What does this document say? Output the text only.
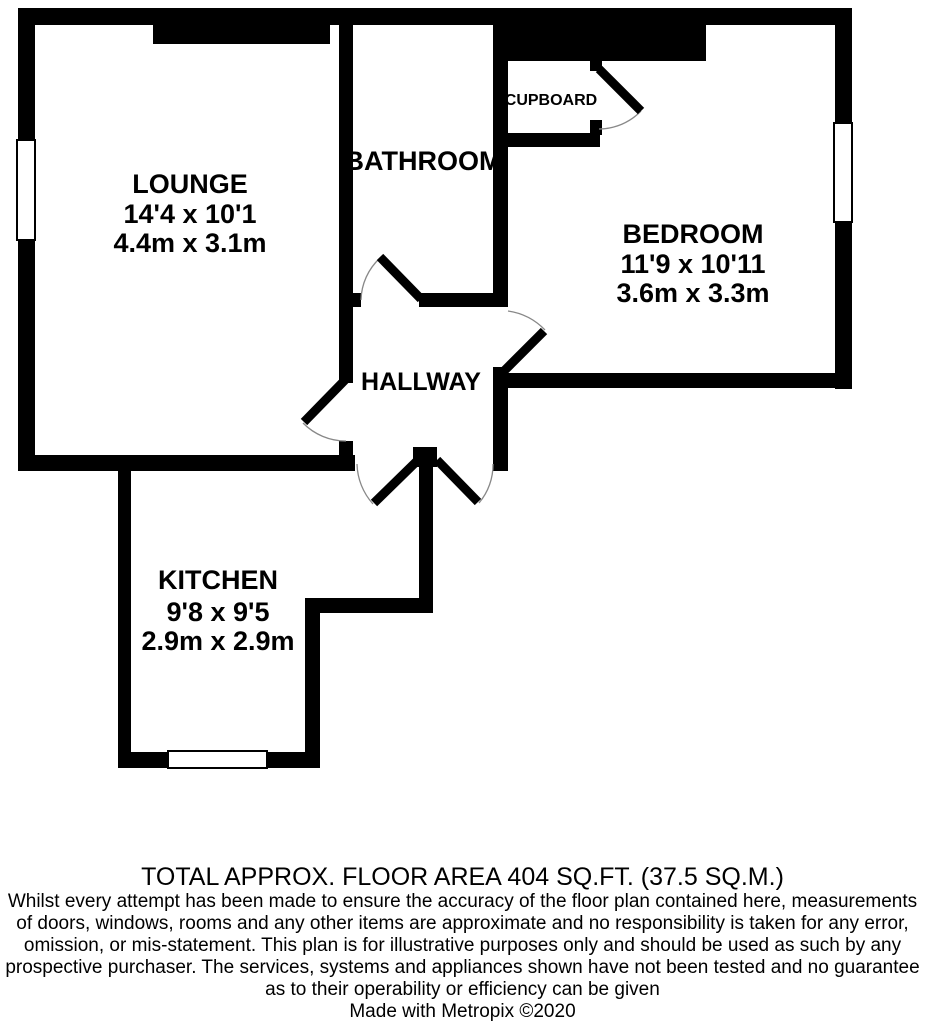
LOUNGE
14'4 x 10'1
4.4m x 3.1m
BATHROOM
CUPBOARD
BEDROOM
11'9 x 10'11
3.6m x 3.3m
HALLWAY
KITCHEN
9'8 x 9'5
2.9m x 2.9m
TOTAL APPROX. FLOOR AREA 404 SQ.FT. (37.5 SQ.M.)
Whilst every attempt has been made to ensure the accuracy of the floor plan contained here, measurements
of doors, windows, rooms and any other items are approximate and no responsibility is taken for any error,
omission, or mis-statement. This plan is for illustrative purposes only and should be used as such by any
prospective purchaser. The services, systems and appliances shown have not been tested and no guarantee
as to their operability or efficiency can be given
Made with Metropix ©2020
